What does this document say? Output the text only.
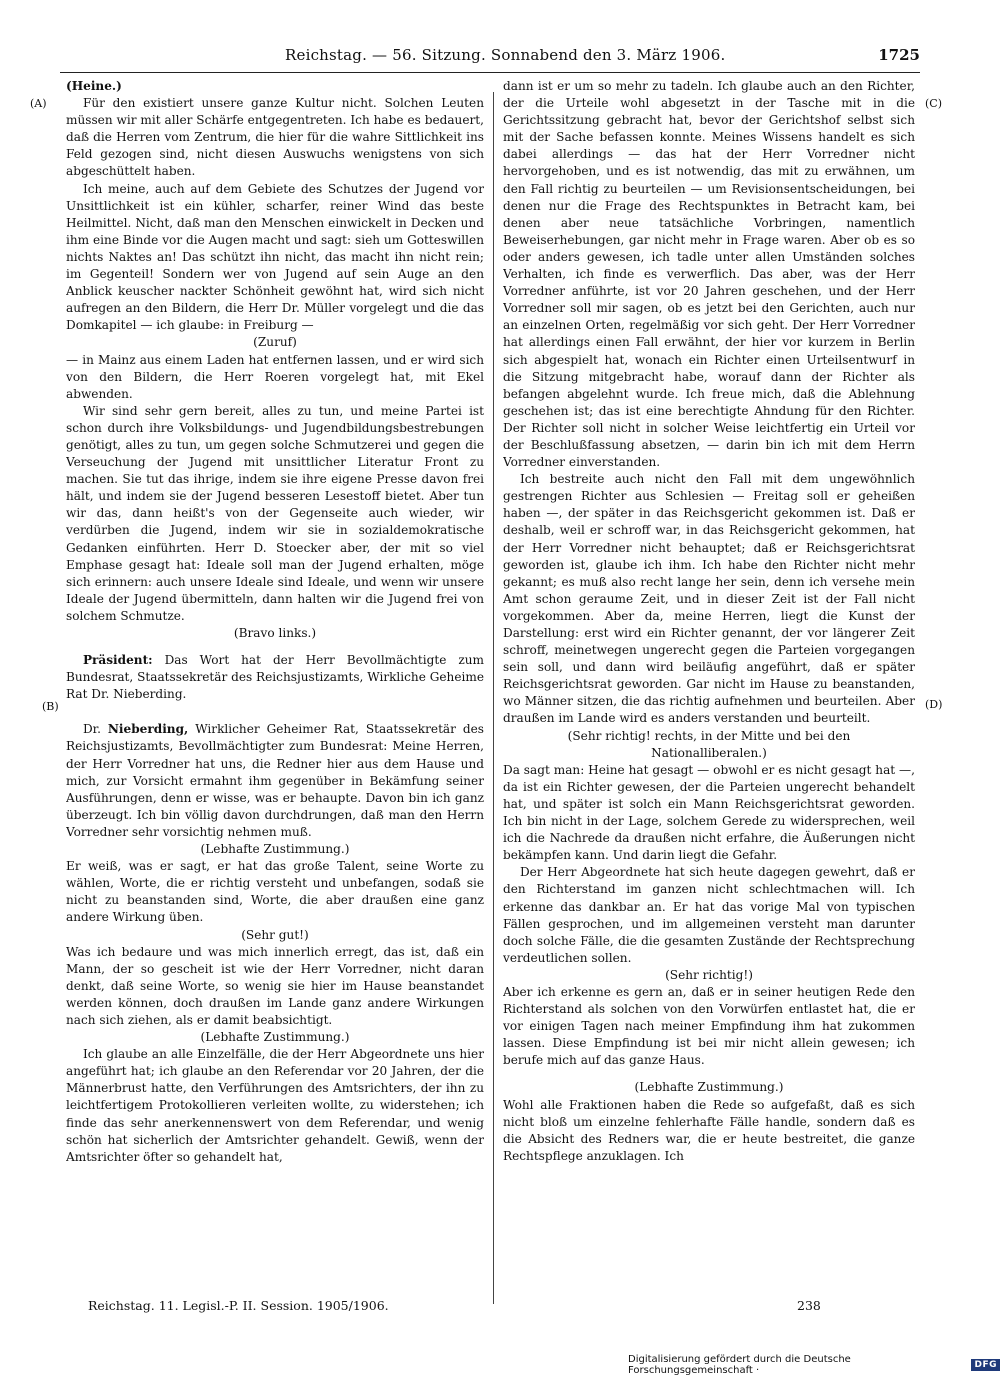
Reichstag. — 56. Sitzung. Sonnabend den 3. März 1906.	1725
(A)
(B)
(C)
(D)

(Heine.)

Für den existiert unsere ganze Kultur nicht. Solchen Leuten müssen wir mit aller Schärfe entgegentreten. Ich habe es bedauert, daß die Herren vom Zentrum, die hier für die wahre Sittlichkeit ins Feld gezogen sind, nicht diesen Auswuchs wenigstens von sich abgeschüttelt haben.

Ich meine, auch auf dem Gebiete des Schutzes der Jugend vor Unsittlichkeit ist ein kühler, scharfer, reiner Wind das beste Heilmittel. Nicht, daß man den Menschen einwickelt in Decken und ihm eine Binde vor die Augen macht und sagt: sieh um Gotteswillen nichts Naktes an! Das schützt ihn nicht, das macht ihn nicht rein; im Gegenteil! Sondern wer von Jugend auf sein Auge an den Anblick keuscher nackter Schönheit gewöhnt hat, wird sich nicht aufregen an den Bildern, die Herr Dr. Müller vorgelegt und die das Domkapitel — ich glaube: in Freiburg —

(Zuruf)

— in Mainz aus einem Laden hat entfernen lassen, und er wird sich von den Bildern, die Herr Roeren vorgelegt hat, mit Ekel abwenden.

Wir sind sehr gern bereit, alles zu tun, und meine Partei ist schon durch ihre Volksbildungs- und Jugendbildungsbestrebungen genötigt, alles zu tun, um gegen solche Schmutzerei und gegen die Verseuchung der Jugend mit unsittlicher Literatur Front zu machen. Sie tut das ihrige, indem sie ihre eigene Presse davon frei hält, und indem sie der Jugend besseren Lesestoff bietet. Aber tun wir das, dann heißt's von der Gegenseite auch wieder, wir verdürben die Jugend, indem wir sie in sozialdemokratische Gedanken einführten. Herr D. Stoecker aber, der mit so viel Emphase gesagt hat: Ideale soll man der Jugend erhalten, möge sich erinnern: auch unsere Ideale sind Ideale, und wenn wir unsere Ideale der Jugend übermitteln, dann halten wir die Jugend frei von solchem Schmutze.

(Bravo links.)

Präsident: Das Wort hat der Herr Bevollmächtigte zum Bundesrat, Staatssekretär des Reichsjustizamts, Wirkliche Geheime Rat Dr. Nieberding.

Dr. Nieberding, Wirklicher Geheimer Rat, Staatssekretär des Reichsjustizamts, Bevollmächtigter zum Bundesrat: Meine Herren, der Herr Vorredner hat uns, die Redner hier aus dem Hause und mich, zur Vorsicht ermahnt ihm gegenüber in Bekämfung seiner Ausführungen, denn er wisse, was er behaupte. Davon bin ich ganz überzeugt. Ich bin völlig davon durchdrungen, daß man den Herrn Vorredner sehr vorsichtig nehmen muß.

(Lebhafte Zustimmung.)

Er weiß, was er sagt, er hat das große Talent, seine Worte zu wählen, Worte, die er richtig versteht und unbefangen, sodaß sie nicht zu beanstanden sind, Worte, die aber draußen eine ganz andere Wirkung üben.

(Sehr gut!)

Was ich bedaure und was mich innerlich erregt, das ist, daß ein Mann, der so gescheit ist wie der Herr Vorredner, nicht daran denkt, daß seine Worte, so wenig sie hier im Hause beanstandet werden können, doch draußen im Lande ganz andere Wirkungen nach sich ziehen, als er damit beabsichtigt.

(Lebhafte Zustimmung.)

Ich glaube an alle Einzelfälle, die der Herr Abgeordnete uns hier angeführt hat; ich glaube an den Referendar vor 20 Jahren, der die Männerbrust hatte, den Verführungen des Amtsrichters, der ihn zu leichtfertigem Protokollieren verleiten wollte, zu widerstehen; ich finde das sehr anerkennenswert von dem Referendar, und wenig schön hat sicherlich der Amtsrichter gehandelt. Gewiß, wenn der Amtsrichter öfter so gehandelt hat,

dann ist er um so mehr zu tadeln. Ich glaube auch an den Richter, der die Urteile wohl abgesetzt in der Tasche mit in die Gerichtssitzung gebracht hat, bevor der Gerichtshof selbst sich mit der Sache befassen konnte. Meines Wissens handelt es sich dabei allerdings — das hat der Herr Vorredner nicht hervorgehoben, und es ist notwendig, das mit zu erwähnen, um den Fall richtig zu beurteilen — um Revisionsentscheidungen, bei denen nur die Frage des Rechtspunktes in Betracht kam, bei denen aber neue tatsächliche Vorbringen, namentlich Beweiserhebungen, gar nicht mehr in Frage waren. Aber ob es so oder anders gewesen, ich tadle unter allen Umständen solches Verhalten, ich finde es verwerflich. Das aber, was der Herr Vorredner anführte, ist vor 20 Jahren geschehen, und der Herr Vorredner soll mir sagen, ob es jetzt bei den Gerichten, auch nur an einzelnen Orten, regelmäßig vor sich geht. Der Herr Vorredner hat allerdings einen Fall erwähnt, der hier vor kurzem in Berlin sich abgespielt hat, wonach ein Richter einen Urteilsentwurf in die Sitzung mitgebracht habe, worauf dann der Richter als befangen abgelehnt wurde. Ich freue mich, daß die Ablehnung geschehen ist; das ist eine berechtigte Ahndung für den Richter. Der Richter soll nicht in solcher Weise leichtfertig ein Urteil vor der Beschlußfassung absetzen, — darin bin ich mit dem Herrn Vorredner einverstanden.

Ich bestreite auch nicht den Fall mit dem ungewöhnlich gestrengen Richter aus Schlesien — Freitag soll er geheißen haben —, der später in das Reichsgericht gekommen ist. Daß er deshalb, weil er schroff war, in das Reichsgericht gekommen, hat der Herr Vorredner nicht behauptet; daß er Reichsgerichtsrat geworden ist, glaube ich ihm. Ich habe den Richter nicht mehr gekannt; es muß also recht lange her sein, denn ich versehe mein Amt schon geraume Zeit, und in dieser Zeit ist der Fall nicht vorgekommen. Aber da, meine Herren, liegt die Kunst der Darstellung: erst wird ein Richter genannt, der vor längerer Zeit schroff, meinetwegen ungerecht gegen die Parteien vorgegangen sein soll, und dann wird beiläufig angeführt, daß er später Reichsgerichtsrat geworden. Gar nicht im Hause zu beanstanden, wo Männer sitzen, die das richtig aufnehmen und beurteilen. Aber draußen im Lande wird es anders verstanden und beurteilt.

(Sehr richtig! rechts, in der Mitte und bei den

Nationalliberalen.)

Da sagt man: Heine hat gesagt — obwohl er es nicht gesagt hat —, da ist ein Richter gewesen, der die Parteien ungerecht behandelt hat, und später ist solch ein Mann Reichsgerichtsrat geworden. Ich bin nicht in der Lage, solchem Gerede zu widersprechen, weil ich die Nachrede da draußen nicht erfahre, die Äußerungen nicht bekämpfen kann. Und darin liegt die Gefahr.

Der Herr Abgeordnete hat sich heute dagegen gewehrt, daß er den Richterstand im ganzen nicht schlechtmachen will. Ich erkenne das dankbar an. Er hat das vorige Mal von typischen Fällen gesprochen, und im allgemeinen versteht man darunter doch solche Fälle, die die gesamten Zustände der Rechtsprechung verdeutlichen sollen.

(Sehr richtig!)

Aber ich erkenne es gern an, daß er in seiner heutigen Rede den Richterstand als solchen von den Vorwürfen entlastet hat, die er vor einigen Tagen nach meiner Empfindung ihm hat zukommen lassen. Diese Empfindung ist bei mir nicht allein gewesen; ich berufe mich auf das ganze Haus.

(Lebhafte Zustimmung.)

Wohl alle Fraktionen haben die Rede so aufgefaßt, daß es sich nicht bloß um einzelne fehlerhafte Fälle handle, sondern daß es die Absicht des Redners war, die er heute bestreitet, die ganze Rechtspflege anzuklagen. Ich

Reichstag. 11. Legisl.-P. II. Session. 1905/1906.	238
Digitalisierung gefördert durch die Deutsche Forschungsgemeinschaft ·	DFG
